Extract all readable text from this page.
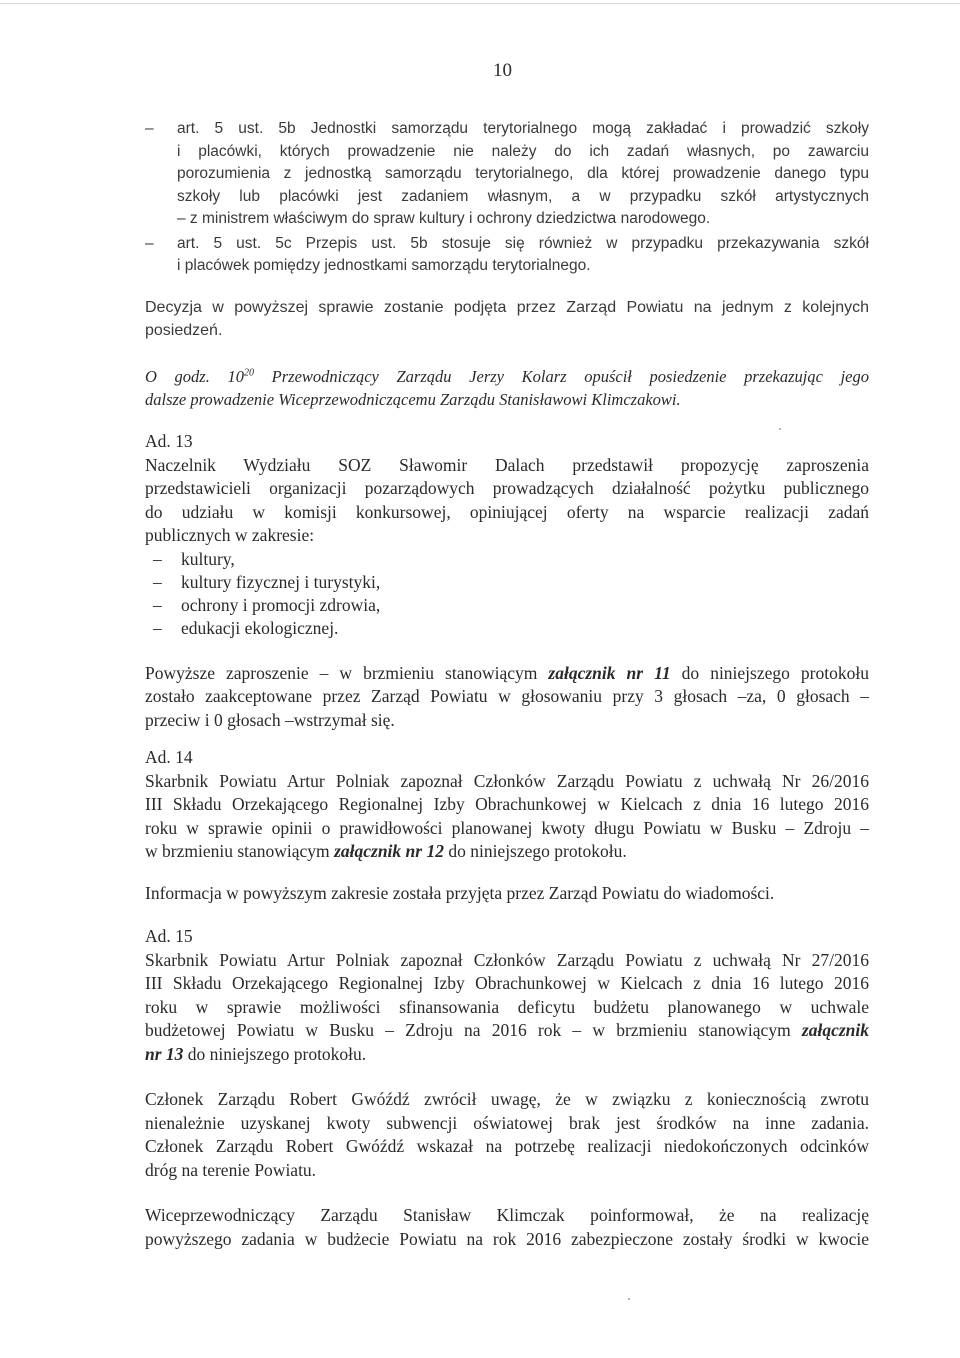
10
– art. 5 ust. 5b Jednostki samorządu terytorialnego mogą zakładać i prowadzić szkoły
i placówki, których prowadzenie nie należy do ich zadań własnych, po zawarciu
porozumienia z jednostką samorządu terytorialnego, dla której prowadzenie danego typu
szkoły lub placówki jest zadaniem własnym, a w przypadku szkół artystycznych
– z ministrem właściwym do spraw kultury i ochrony dziedzictwa narodowego.

– art. 5 ust. 5c Przepis ust. 5b stosuje się również w przypadku przekazywania szkół
i placówek pomiędzy jednostkami samorządu terytorialnego.

Decyzja w powyższej sprawie zostanie podjęta przez Zarząd Powiatu na jednym z kolejnych
posiedzeń.
O godz. $10^{20}$ Przewodniczący Zarządu Jerzy Kolarz opuścił posiedzenie przekazując jego
dalsze prowadzenie Wiceprzewodniczącemu Zarządu Stanisławowi Klimczakowi.
Ad. 13

Naczelnik Wydziału SOZ Sławomir Dalach przedstawił propozycję zaproszenia
przedstawicieli organizacji pozarządowych prowadzących działalność pożytku publicznego
do udziału w komisji konkursowej, opiniującej oferty na wsparcie realizacji zadań
publicznych w zakresie:

– kultury,
– kultury fizycznej i turystyki,
– ochrony i promocji zdrowia,
– edukacji ekologicznej.

Powyższe zaproszenie – w brzmieniu stanowiącym załącznik nr 11 do niniejszego protokołu
zostało zaakceptowane przez Zarząd Powiatu w głosowaniu przy 3 głosach –za, 0 głosach –
przeciw i 0 głosach –wstrzymał się.

Ad. 14

Skarbnik Powiatu Artur Polniak zapoznał Członków Zarządu Powiatu z uchwałą Nr 26/2016
III Składu Orzekającego Regionalnej Izby Obrachunkowej w Kielcach z dnia 16 lutego 2016
roku w sprawie opinii o prawidłowości planowanej kwoty długu Powiatu w Busku – Zdroju –
w brzmieniu stanowiącym załącznik nr 12 do niniejszego protokołu.

Informacja w powyższym zakresie została przyjęta przez Zarząd Powiatu do wiadomości.

Ad. 15

Skarbnik Powiatu Artur Polniak zapoznał Członków Zarządu Powiatu z uchwałą Nr 27/2016
III Składu Orzekającego Regionalnej Izby Obrachunkowej w Kielcach z dnia 16 lutego 2016
roku w sprawie możliwości sfinansowania deficytu budżetu planowanego w uchwale
budżetowej Powiatu w Busku – Zdroju na 2016 rok – w brzmieniu stanowiącym załącznik
nr 13 do niniejszego protokołu.

Członek Zarządu Robert Gwóźdź zwrócił uwagę, że w związku z koniecznością zwrotu
nienależnie uzyskanej kwoty subwencji oświatowej brak jest środków na inne zadania.
Członek Zarządu Robert Gwóźdź wskazał na potrzebę realizacji niedokończonych odcinków
dróg na terenie Powiatu.

Wiceprzewodniczący Zarządu Stanisław Klimczak poinformował, że na realizację
powyższego zadania w budżecie Powiatu na rok 2016 zabezpieczone zostały środki w kwocie
